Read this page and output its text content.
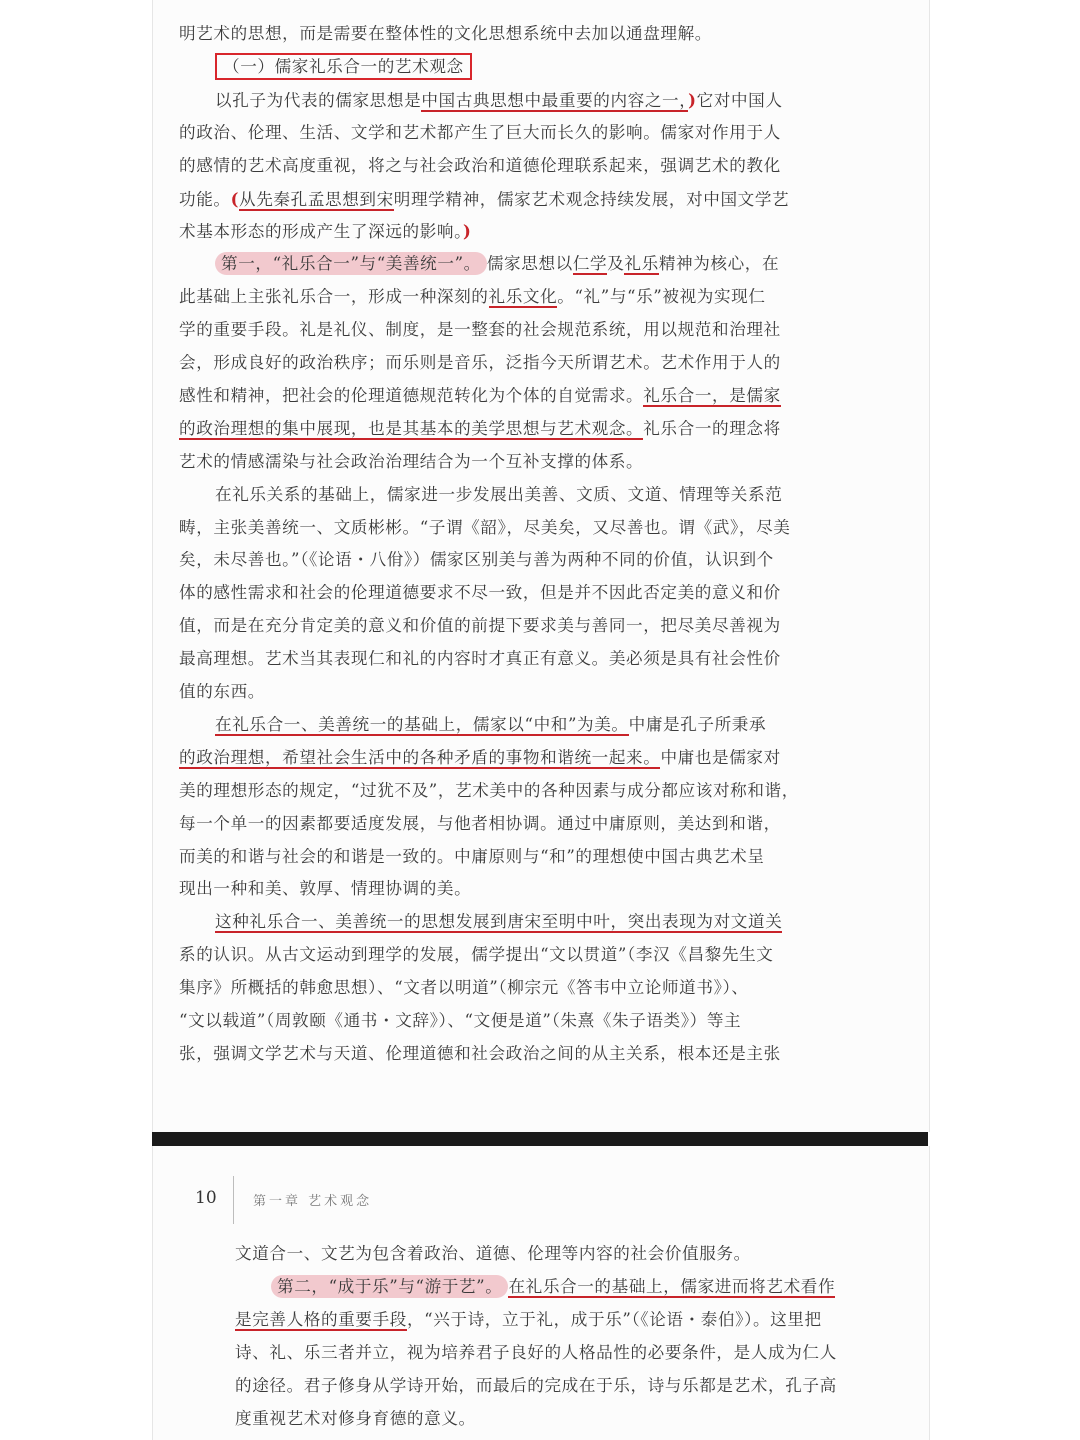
明艺术的思想，而是需要在整体性的文化思想系统中去加以通盘理解。

（一）儒家礼乐合一的艺术观念

以孔子为代表的儒家思想是中国古典思想中最重要的内容之一，)它对中国人

的政治、伦理、生活、文学和艺术都产生了巨大而长久的影响。儒家对作用于人

的感情的艺术高度重视，将之与社会政治和道德伦理联系起来，强调艺术的教化

功能。(从先秦孔孟思想到宋明理学精神，儒家艺术观念持续发展，对中国文学艺

术基本形态的形成产生了深远的影响。)

第一，“礼乐合一”与“美善统一”。 儒家思想以仁学及礼乐精神为核心，在

此基础上主张礼乐合一，形成一种深刻的礼乐文化。“礼”与“乐”被视为实现仁

学的重要手段。礼是礼仪、制度，是一整套的社会规范系统，用以规范和治理社

会，形成良好的政治秩序；而乐则是音乐，泛指今天所谓艺术。艺术作用于人的

感性和精神，把社会的伦理道德规范转化为个体的自觉需求。礼乐合一，是儒家

的政治理想的集中展现，也是其基本的美学思想与艺术观念。礼乐合一的理念将

艺术的情感濡染与社会政治治理结合为一个互补支撑的体系。

在礼乐关系的基础上，儒家进一步发展出美善、文质、文道、情理等关系范

畴，主张美善统一、文质彬彬。“子谓《韶》，尽美矣，又尽善也。谓《武》，尽美

矣，未尽善也。”（《论语・八佾》）儒家区别美与善为两种不同的价值，认识到个

体的感性需求和社会的伦理道德要求不尽一致，但是并不因此否定美的意义和价

值，而是在充分肯定美的意义和价值的前提下要求美与善同一，把尽美尽善视为

最高理想。艺术当其表现仁和礼的内容时才真正有意义。美必须是具有社会性价

值的东西。

在礼乐合一、美善统一的基础上，儒家以“中和”为美。中庸是孔子所秉承

的政治理想，希望社会生活中的各种矛盾的事物和谐统一起来。中庸也是儒家对

美的理想形态的规定，“过犹不及”，艺术美中的各种因素与成分都应该对称和谐，

每一个单一的因素都要适度发展，与他者相协调。通过中庸原则，美达到和谐，

而美的和谐与社会的和谐是一致的。中庸原则与“和”的理想使中国古典艺术呈

现出一种和美、敦厚、情理协调的美。

这种礼乐合一、美善统一的思想发展到唐宋至明中叶，突出表现为对文道关

系的认识。从古文运动到理学的发展，儒学提出“文以贯道”（李汉《昌黎先生文

集序》所概括的韩愈思想）、“文者以明道”（柳宗元《答韦中立论师道书》）、

“文以载道”（周敦颐《通书・文辞》）、“文便是道”（朱熹《朱子语类》）等主

张，强调文学艺术与天道、伦理道德和社会政治之间的从主关系，根本还是主张

10	第一章 艺术观念

文道合一、文艺为包含着政治、道德、伦理等内容的社会价值服务。

第二，“成于乐”与“游于艺”。 在礼乐合一的基础上，儒家进而将艺术看作

是完善人格的重要手段，“兴于诗，立于礼，成于乐”（《论语・泰伯》）。这里把

诗、礼、乐三者并立，视为培养君子良好的人格品性的必要条件，是人成为仁人

的途径。君子修身从学诗开始，而最后的完成在于乐，诗与乐都是艺术，孔子高

度重视艺术对修身育德的意义。
